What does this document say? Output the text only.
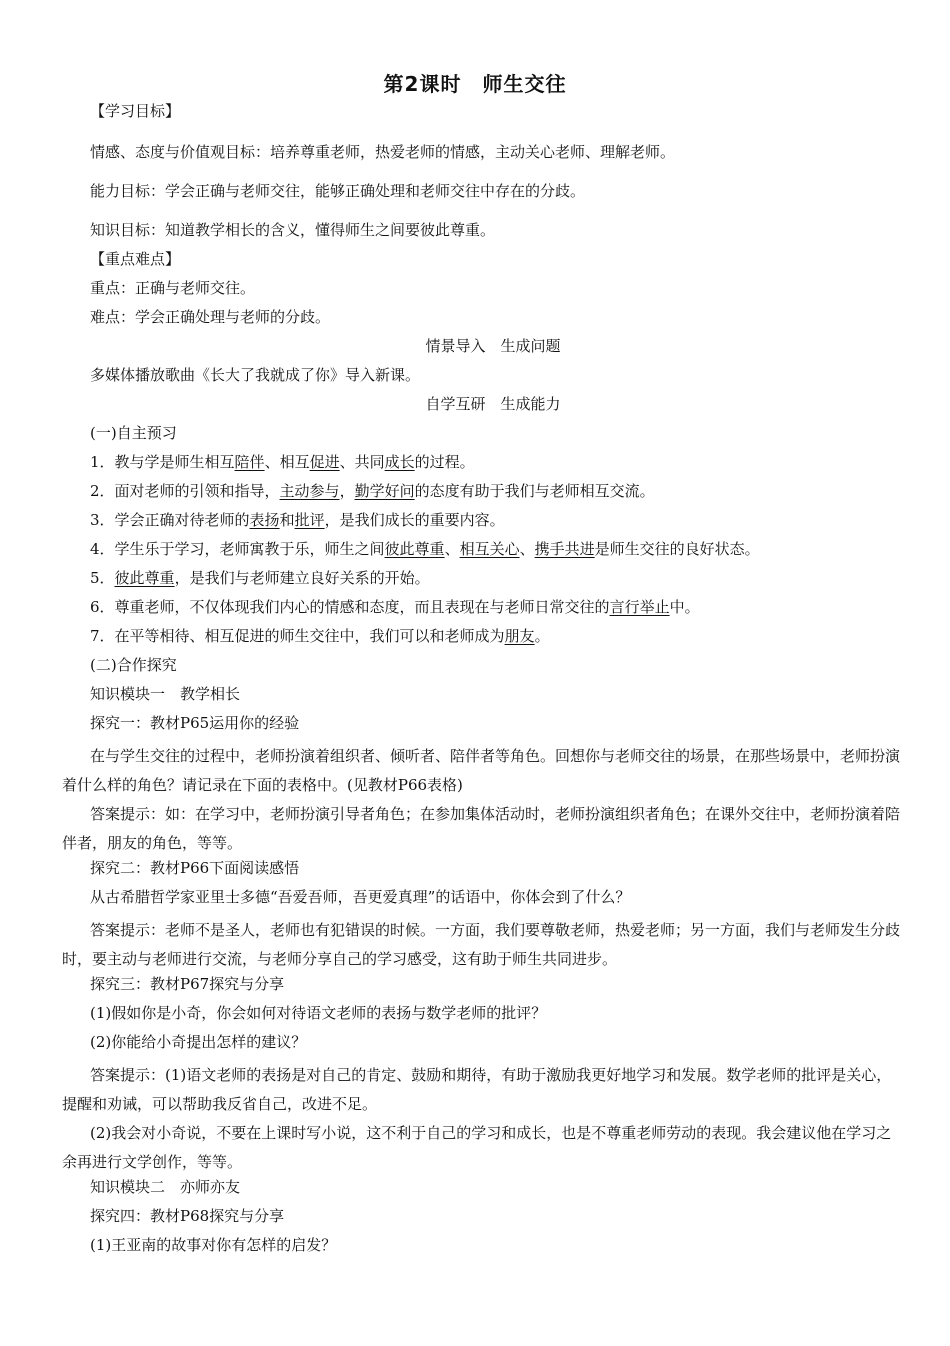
第2课时　师生交往
【学习目标】
情感、态度与价值观目标：培养尊重老师，热爱老师的情感，主动关心老师、理解老师。
能力目标：学会正确与老师交往，能够正确处理和老师交往中存在的分歧。
知识目标：知道教学相长的含义，懂得师生之间要彼此尊重。
【重点难点】
重点：正确与老师交往。
难点：学会正确处理与老师的分歧。
情景导入　生成问题
多媒体播放歌曲《长大了我就成了你》导入新课。
自学互研　生成能力
(一)自主预习
1．教与学是师生相互陪伴、相互促进、共同成长的过程。
2．面对老师的引领和指导，主动参与，勤学好问的态度有助于我们与老师相互交流。
3．学会正确对待老师的表扬和批评，是我们成长的重要内容。
4．学生乐于学习，老师寓教于乐，师生之间彼此尊重、相互关心、携手共进是师生交往的良好状态。
5．彼此尊重，是我们与老师建立良好关系的开始。
6．尊重老师，不仅体现我们内心的情感和态度，而且表现在与老师日常交往的言行举止中。
7．在平等相待、相互促进的师生交往中，我们可以和老师成为朋友。
(二)合作探究
知识模块一　教学相长
探究一：教材P65运用你的经验
在与学生交往的过程中，老师扮演着组织者、倾听者、陪伴者等角色。回想你与老师交往的场景，在那些场景中，老师扮演着什么样的角色？请记录在下面的表格中。(见教材P66表格)
答案提示：如：在学习中，老师扮演引导者角色；在参加集体活动时，老师扮演组织者角色；在课外交往中，老师扮演着陪伴者，朋友的角色，等等。
探究二：教材P66下面阅读感悟
从古希腊哲学家亚里士多德“吾爱吾师，吾更爱真理”的话语中，你体会到了什么？
答案提示：老师不是圣人，老师也有犯错误的时候。一方面，我们要尊敬老师，热爱老师；另一方面，我们与老师发生分歧时，要主动与老师进行交流，与老师分享自己的学习感受，这有助于师生共同进步。
探究三：教材P67探究与分享
(1)假如你是小奇，你会如何对待语文老师的表扬与数学老师的批评？
(2)你能给小奇提出怎样的建议？
答案提示：(1)语文老师的表扬是对自己的肯定、鼓励和期待，有助于激励我更好地学习和发展。数学老师的批评是关心，提醒和劝诫，可以帮助我反省自己，改进不足。
(2)我会对小奇说，不要在上课时写小说，这不利于自己的学习和成长，也是不尊重老师劳动的表现。我会建议他在学习之余再进行文学创作，等等。
知识模块二　亦师亦友
探究四：教材P68探究与分享
(1)王亚南的故事对你有怎样的启发？
